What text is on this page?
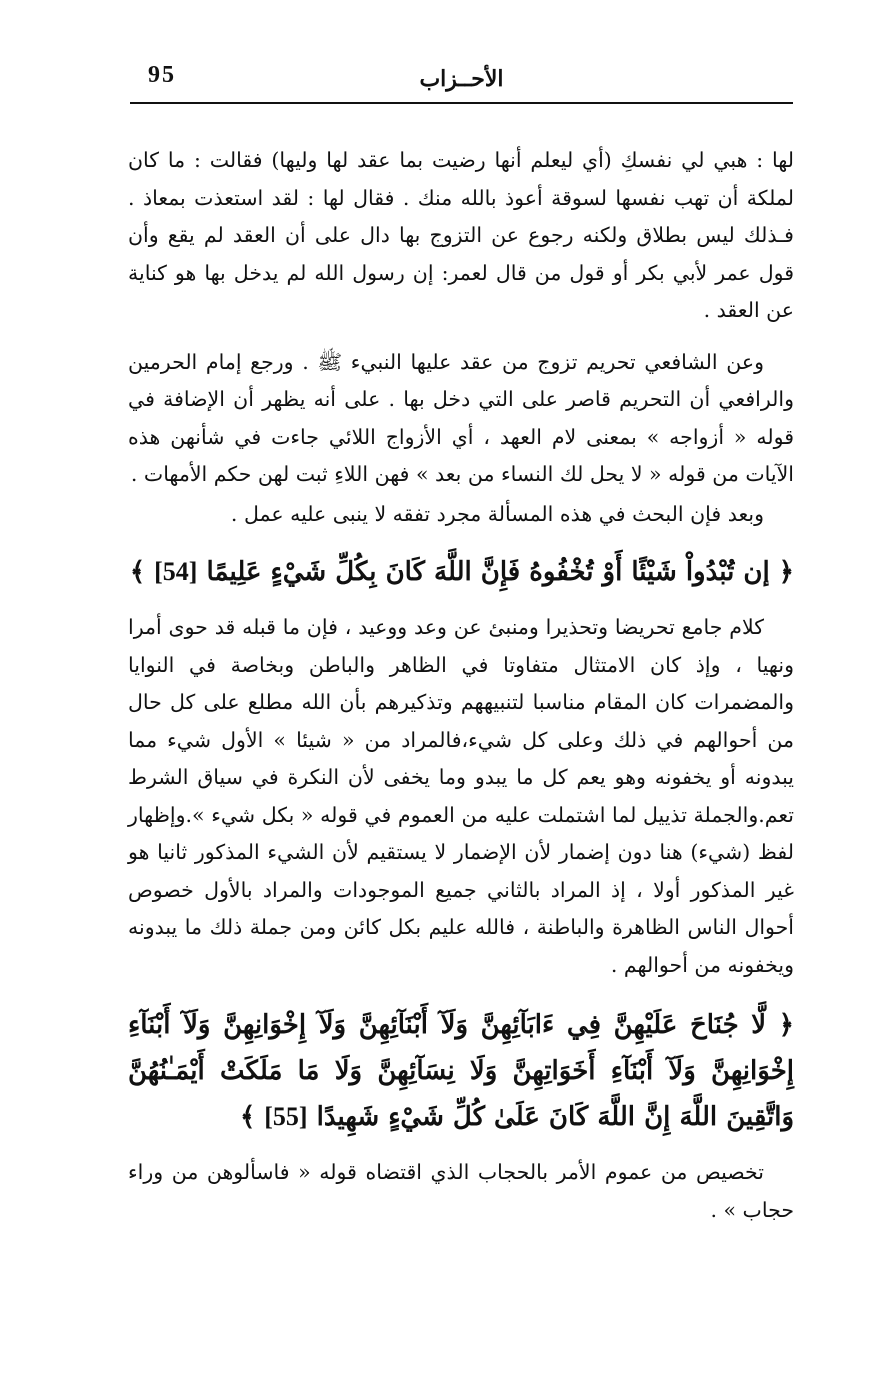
95	الأحــزاب

لها : هبي لي نفسكِ (أي ليعلم أنها رضيت بما عقد لها وليها) فقالت : ما كان لملكة أن تهب نفسها لسوقة أعوذ بالله منك . فقال لها : لقد استعذت بمعاذ . فـذلك ليس بطلاق ولكنه رجوع عن التزوج بها دال على أن العقد لم يقع وأن قول عمر لأبي بكر أو قول من قال لعمر: إن رسول الله لم يدخل بها هو كناية عن العقد .

وعن الشافعي تحريم تزوج من عقد عليها النبيء ﷺ . ورجع إمام الحرمين والرافعي أن التحريم قاصر على التي دخل بها . على أنه يظهر أن الإضافة في قوله « أزواجه » بمعنى لام العهد ، أي الأزواج اللائي جاءت في شأنهن هذه الآيات من قوله « لا يحل لك النساء من بعد » فهن اللاءِ ثبت لهن حكم الأمهات .

وبعد فإن البحث في هذه المسألة مجرد تفقه لا ينبى عليه عمل .

﴿ إن تُبْدُواْ شَيْئًا أَوْ تُخْفُوهُ فَإِنَّ اللَّهَ كَانَ بِكُلِّ شَيْءٍ عَلِيمًا [54] ﴾

كلام جامع تحريضا وتحذيرا ومنبئ عن وعد ووعيد ، فإن ما قبله قد حوى أمرا ونهيا ، وإذ كان الامتثال متفاوتا في الظاهر والباطن وبخاصة في النوايا والمضمرات كان المقام مناسبا لتنبيههم وتذكيرهم بأن الله مطلع على كل حال من أحوالهم في ذلك وعلى كل شيء،فالمراد من « شيئا » الأول شيء مما يبدونه أو يخفونه وهو يعم كل ما يبدو وما يخفى لأن النكرة في سياق الشرط تعم.والجملة تذييل لما اشتملت عليه من العموم في قوله « بكل شيء ».وإظهار لفظ (شيء) هنا دون إضمار لأن الإضمار لا يستقيم لأن الشيء المذكور ثانيا هو غير المذكور أولا ، إذ المراد بالثاني جميع الموجودات والمراد بالأول خصوص أحوال الناس الظاهرة والباطنة ، فالله عليم بكل كائن ومن جملة ذلك ما يبدونه ويخفونه من أحوالهم .

﴿ لَّا جُنَاحَ عَلَيْهِنَّ فِي ءَابَآئِهِنَّ وَلَآ أَبْنَآئِهِنَّ وَلَآ إِخْوَانِهِنَّ وَلَآ أَبْنَآءِ إِخْوَانِهِنَّ وَلَآ أَبْنَآءِ أَخَوَاتِهِنَّ وَلَا نِسَآئِهِنَّ وَلَا مَا مَلَكَتْ أَيْمَـٰنُهُنَّ وَاتَّقِينَ اللَّهَ إِنَّ اللَّهَ كَانَ عَلَىٰ كُلِّ شَيْءٍ شَهِيدًا [55] ﴾

تخصيص من عموم الأمر بالحجاب الذي اقتضاه قوله « فاسألوهن من وراء حجاب » .
